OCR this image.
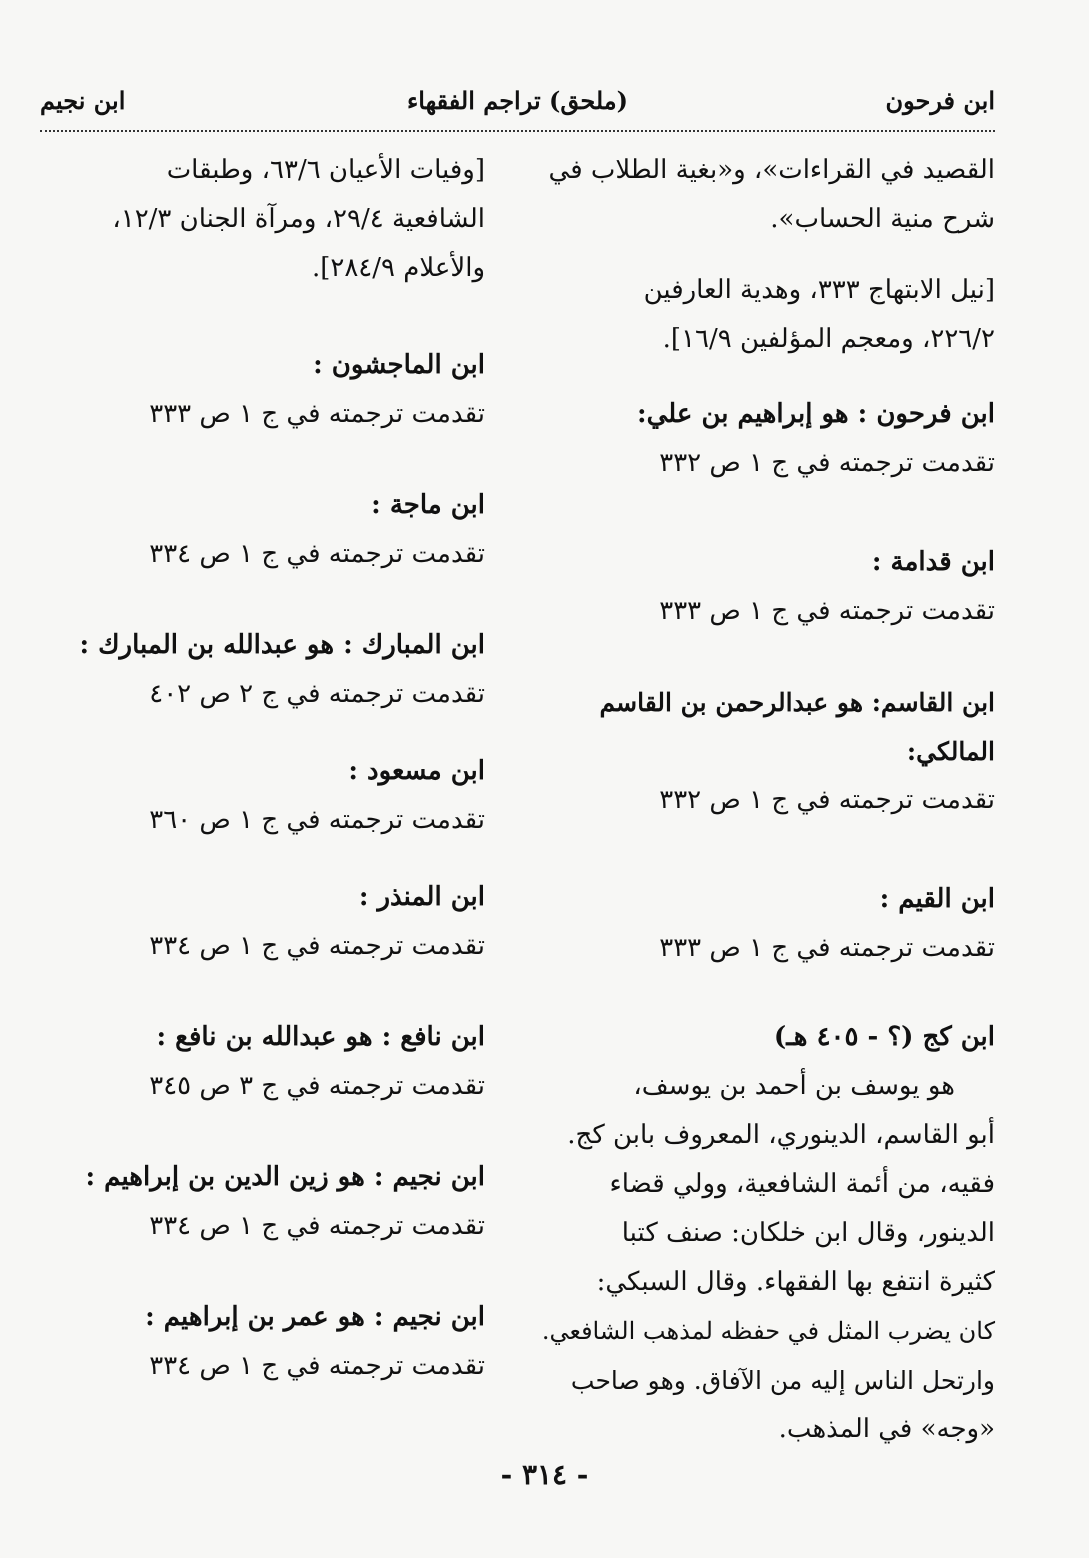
ابن فرحون
(ملحق) تراجم الفقهاء
ابن نجيم

القصيد في القراءات»، و«بغية الطلاب في

شرح منية الحساب».

[نيل الابتهاج ٣٣٣، وهدية العارفين

٢٢٦/٢، ومعجم المؤلفين ١٦/٩].

ابن فرحون : هو إبراهيم بن علي:

تقدمت ترجمته في ج ١ ص ٣٣٢

ابن قدامة :

تقدمت ترجمته في ج ١ ص ٣٣٣

ابن القاسم: هو عبدالرحمن بن القاسم المالكي:

تقدمت ترجمته في ج ١ ص ٣٣٢

ابن القيم :

تقدمت ترجمته في ج ١ ص ٣٣٣

ابن كج (؟ - ٤٠٥ هـ)

هو يوسف بن أحمد بن يوسف،

أبو القاسم، الدينوري، المعروف بابن كج.

فقيه، من أئمة الشافعية، وولي قضاء

الدينور، وقال ابن خلكان: صنف كتبا

كثيرة انتفع بها الفقهاء. وقال السبكي:

كان يضرب المثل في حفظه لمذهب الشافعي.

وارتحل الناس إليه من الآفاق. وهو صاحب

«وجه» في المذهب.

[وفيات الأعيان ٦٣/٦، وطبقات

الشافعية ٢٩/٤، ومرآة الجنان ١٢/٣،

والأعلام ٢٨٤/٩].

ابن الماجشون :

تقدمت ترجمته في ج ١ ص ٣٣٣

ابن ماجة :

تقدمت ترجمته في ج ١ ص ٣٣٤

ابن المبارك : هو عبدالله بن المبارك :

تقدمت ترجمته في ج ٢ ص ٤٠٢

ابن مسعود :

تقدمت ترجمته في ج ١ ص ٣٦٠

ابن المنذر :

تقدمت ترجمته في ج ١ ص ٣٣٤

ابن نافع : هو عبدالله بن نافع :

تقدمت ترجمته في ج ٣ ص ٣٤٥

ابن نجيم : هو زين الدين بن إبراهيم :

تقدمت ترجمته في ج ١ ص ٣٣٤

ابن نجيم : هو عمر بن إبراهيم :

تقدمت ترجمته في ج ١ ص ٣٣٤

- ٣١٤ -
